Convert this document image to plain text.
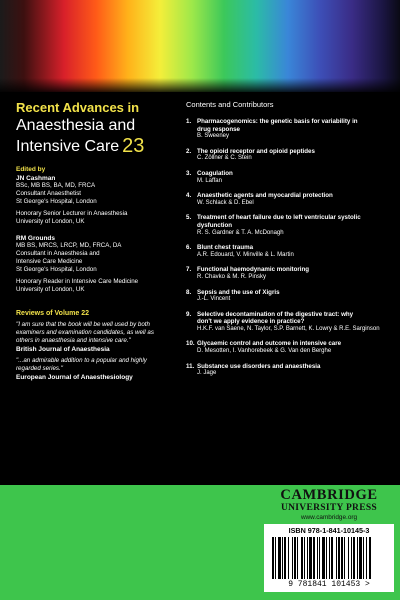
Recent Advances in
Anaesthesia and
Intensive Care 23
Edited by
JN Cashman
BSc, MB BS, BA, MD, FRCA
Consultant Anaesthetist
St George's Hospital, London
Honorary Senior Lecturer in Anaesthesia
University of London, UK
RM Grounds
MB BS, MRCS, LRCP, MD, FRCA, DA
Consultant in Anaesthesia and
Intensive Care Medicine
St George's Hospital, London
Honorary Reader in Intensive Care Medicine
University of London, UK
Reviews of Volume 22
"I am sure that the book will be well used by both
examiners and examination candidates, as well as
others in anaesthesia and intensive care."
British Journal of Anaesthesia
"...an admirable addition to a popular and highly
regarded series."
European Journal of Anaesthesiology
Contents and Contributors
1. Pharmacogenomics: the genetic basis for variability in
drug response
B. Sweeney
2. The opioid receptor and opioid peptides
C. Zöllner & C. Stein
3. Coagulation
M. Laffan
4. Anaesthetic agents and myocardial protection
W. Schlack & D. Ebel
5. Treatment of heart failure due to left ventricular systolic
dysfunction
R. S. Gardner & T. A. McDonagh
6. Blunt chest trauma
A.R. Edouard, V. Minville & L. Martin
7. Functional haemodynamic monitoring
R. Chavko & M. R. Pinsky
8. Sepsis and the use of Xigris
J.-L. Vincent
9. Selective decontamination of the digestive tract: why
don't we apply evidence in practice?
H.K.F. van Saene, N. Taylor, S.P. Barnett, K. Lowry & R.E. Sarginson
10. Glycaemic control and outcome in intensive care
D. Mesotten, I. Vanhorebeek & G. Van den Berghe
11. Substance use disorders and anaesthesia
J. Jage
CAMBRIDGE
UNIVERSITY PRESS
www.cambridge.org
ISBN 978-1-841-10145-3
9 781841 101453 >
